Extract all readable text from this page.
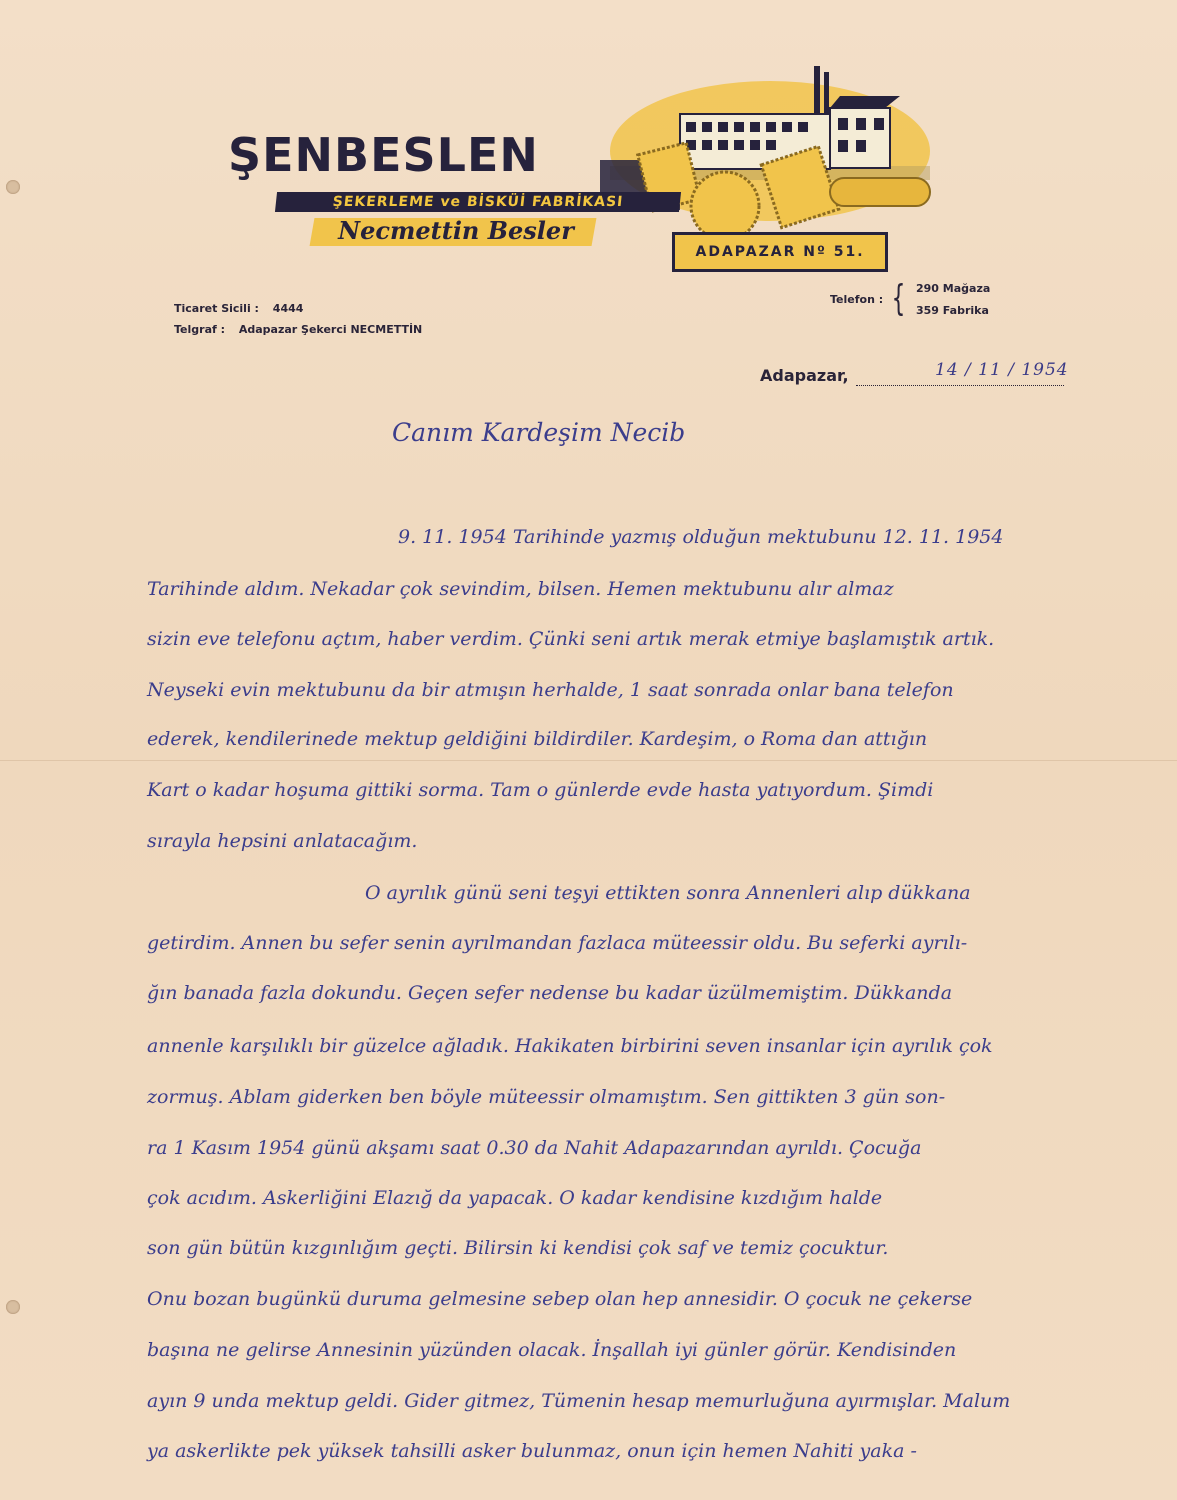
ŞENBESLEN
ŞEKERLEME ve BİSKÜİ FABRİKASI
Necmettin Besler
ADAPAZAR Nº 51.
Ticaret Sicili : 4444
Telgraf : Adapazar Şekerci NECMETTİN
Telefon : { 290 Mağaza
359 Fabrika
Adapazar,	14 / 11 / 1954
Canım Kardeşim Necib
9. 11. 1954 Tarihinde yazmış olduğun mektubunu 12. 11. 1954
Tarihinde aldım. Nekadar çok sevindim, bilsen. Hemen mektubunu alır almaz
sizin eve telefonu açtım, haber verdim. Çünki seni artık merak etmiye başlamıştık artık.
Neyseki evin mektubunu da bir atmışın herhalde, 1 saat sonrada onlar bana telefon
ederek, kendilerinede mektup geldiğini bildirdiler. Kardeşim, o Roma dan attığın
Kart o kadar hoşuma gittiki sorma. Tam o günlerde evde hasta yatıyordum. Şimdi
sırayla hepsini anlatacağım.
O ayrılık günü seni teşyi ettikten sonra Annenleri alıp dükkana
getirdim. Annen bu sefer senin ayrılmandan fazlaca müteessir oldu. Bu seferki ayrılı-
ğın banada fazla dokundu. Geçen sefer nedense bu kadar üzülmemiştim. Dükkanda
annenle karşılıklı bir güzelce ağladık. Hakikaten birbirini seven insanlar için ayrılık çok
zormuş. Ablam giderken ben böyle müteessir olmamıştım. Sen gittikten 3 gün son-
ra 1 Kasım 1954 günü akşamı saat 0.30 da Nahit Adapazarından ayrıldı. Çocuğa
çok acıdım. Askerliğini Elazığ da yapacak. O kadar kendisine kızdığım halde
son gün bütün kızgınlığım geçti. Bilirsin ki kendisi çok saf ve temiz çocuktur.
Onu bozan bugünkü duruma gelmesine sebep olan hep annesidir. O çocuk ne çekerse
başına ne gelirse Annesinin yüzünden olacak. İnşallah iyi günler görür. Kendisinden
ayın 9 unda mektup geldi. Gider gitmez, Tümenin hesap memurluğuna ayırmışlar. Malum
ya askerlikte pek yüksek tahsilli asker bulunmaz, onun için hemen Nahiti yaka -
